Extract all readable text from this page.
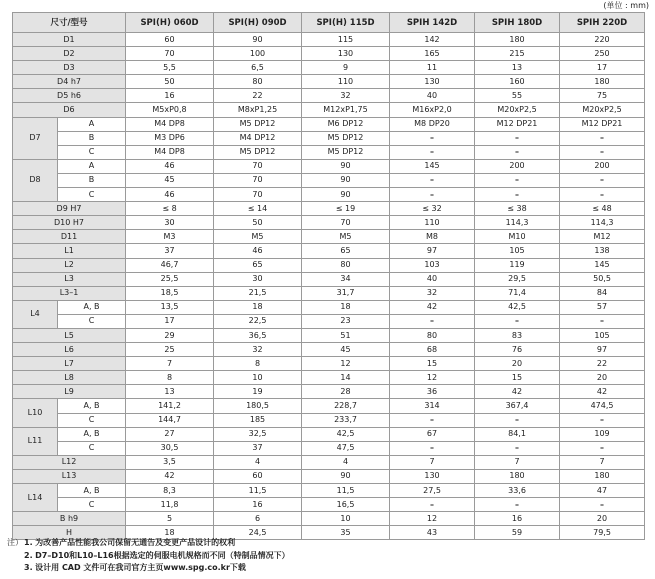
(单位 : mm)
尺寸/型号		SPI(H) 060D	SPI(H) 090D	SPI(H) 115D	SPIH 142D	SPIH 180D	SPIH 220D
D1		60	90	115	142	180	220
D2		70	100	130	165	215	250
D3		5,5	6,5	9	11	13	17
D4 h7		50	80	110	130	160	180
D5 h6		16	22	32	40	55	75
D6		M5xP0,8	M8xP1,25	M12xP1,75	M16xP2,0	M20xP2,5	M20xP2,5
D7	A	M4 DP8	M5 DP12	M6 DP12	M8 DP20	M12 DP21	M12 DP21
	B	M3 DP6	M4 DP12	M5 DP12	–	–	–
	C	M4 DP8	M5 DP12	M5 DP12	–	–	–
D8	A	46	70	90	145	200	200
	B	45	70	90	–	–	–
	C	46	70	90	–	–	–
D9 H7		≤ 8	≤ 14	≤ 19	≤ 32	≤ 38	≤ 48
D10 H7		30	50	70	110	114,3	114,3
D11		M3	M5	M5	M8	M10	M12
L1		37	46	65	97	105	138
L2		46,7	65	80	103	119	145
L3		25,5	30	34	40	29,5	50,5
L3–1		18,5	21,5	31,7	32	71,4	84
L4	A, B	13,5	18	18	42	42,5	57
	C	17	22,5	23	–	–	–
L5		29	36,5	51	80	83	105
L6		25	32	45	68	76	97
L7		7	8	12	15	20	22
L8		8	10	14	12	15	20
L9		13	19	28	36	42	42
L10	A, B	141,2	180,5	228,7	314	367,4	474,5
	C	144,7	185	233,7	–	–	–
L11	A, B	27	32,5	42,5	67	84,1	109
	C	30,5	37	47,5	–	–	–
L12		3,5	4	4	7	7	7
L13		42	60	90	130	180	180
L14	A, B	8,3	11,5	11,5	27,5	33,6	47
	C	11,8	16	16,5	–	–	–
B h9		5	6	10	12	16	20
H		18	24,5	35	43	59	79,5
注）1. 为改善产品性能我公司保留无通告及变更产品设计的权利
2. D7–D10和L10–L16根据选定的伺服电机规格而不同（特制品情况下）
3. 设计用 CAD 文件可在我司官方主页www.spg.co.kr下载
